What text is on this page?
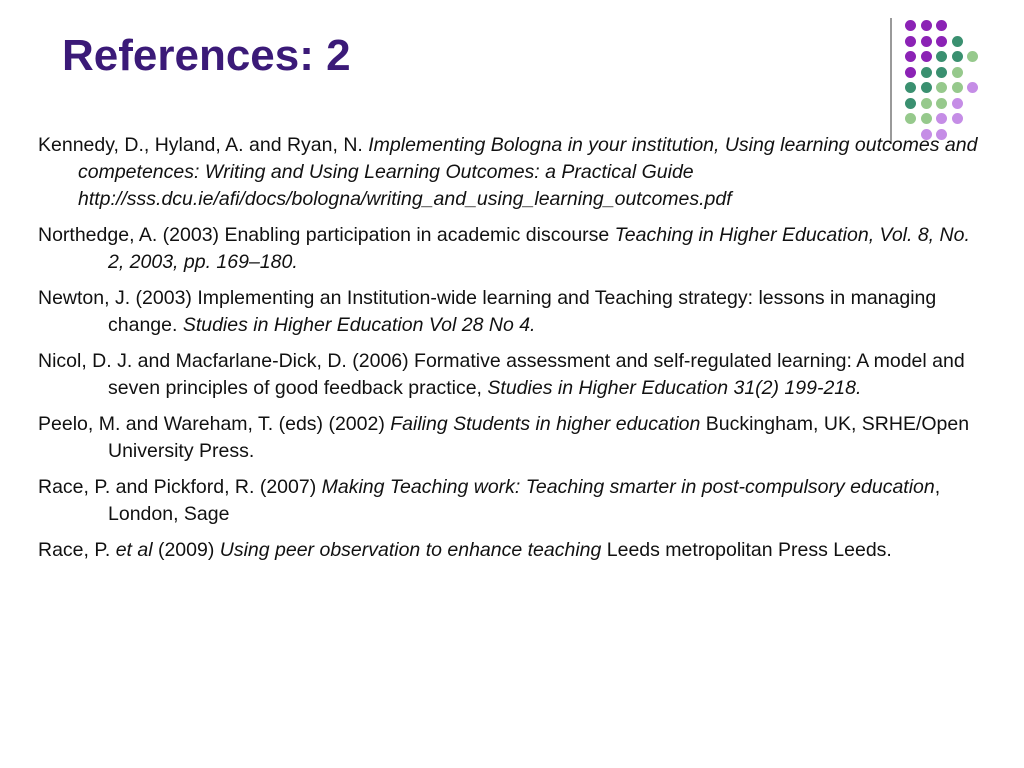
References: 2
Kennedy, D., Hyland, A. and Ryan, N. Implementing Bologna in your institution, Using learning outcomes and competences: Writing and Using Learning Outcomes: a Practical Guide http://sss.dcu.ie/afi/docs/bologna/writing_and_using_learning_outcomes.pdf
Northedge, A. (2003) Enabling participation in academic discourse Teaching in Higher Education, Vol. 8, No. 2, 2003, pp. 169–180.
Newton, J. (2003) Implementing an Institution-wide learning and Teaching strategy: lessons in managing change. Studies in Higher Education Vol 28 No 4.
Nicol, D. J. and Macfarlane-Dick, D. (2006) Formative assessment and self-regulated learning: A model and seven principles of good feedback practice, Studies in Higher Education 31(2) 199-218.
Peelo, M. and Wareham, T. (eds) (2002) Failing Students in higher education Buckingham, UK, SRHE/Open University Press.
Race, P. and Pickford, R. (2007) Making Teaching work: Teaching smarter in post-compulsory education, London, Sage
Race, P. et al (2009) Using peer observation to enhance teaching Leeds metropolitan Press Leeds.
